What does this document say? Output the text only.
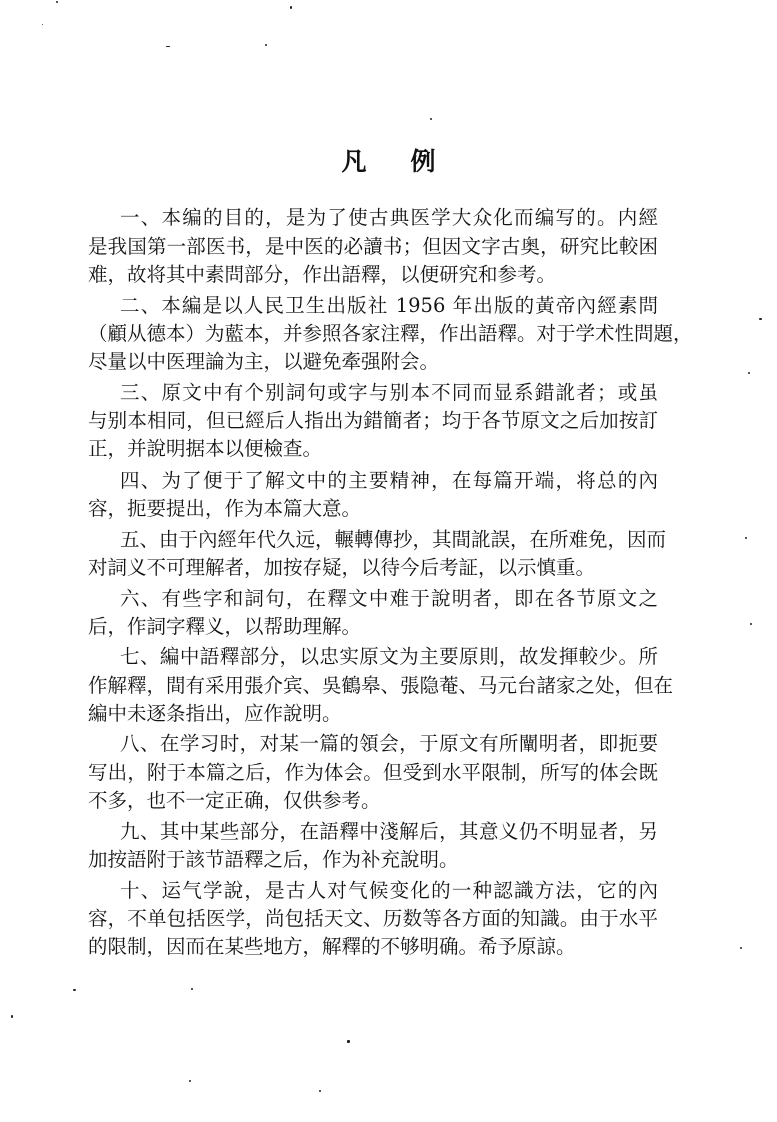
凡 例
一、本编的目的，是为了使古典医学大众化而编写的。内經
是我国第一部医书，是中医的必讀书；但因文字古奥，研究比較困
难，故将其中素問部分，作出語釋，以便研究和参考。
二、本編是以人民卫生出版社 1956 年出版的黃帝內經素問
（顧从德本）为藍本，并参照各家注釋，作出語釋。对于学术性問題，
尽量以中医理論为主，以避免牽强附会。
三、原文中有个别詞句或字与别本不同而显系錯訛者；或虽
与别本相同，但已經后人指出为錯簡者；均于各节原文之后加按訂
正，并說明据本以便檢查。
四、为了便于了解文中的主要精神，在每篇开端，将总的內
容，扼要提出，作为本篇大意。
五、由于內經年代久远，輾轉傳抄，其間訛誤，在所难免，因而
对詞义不可理解者，加按存疑，以待今后考証，以示慎重。
六、有些字和詞句，在釋文中难于說明者，即在各节原文之
后，作詞字釋义，以帮助理解。
七、編中語釋部分，以忠实原文为主要原則，故发揮較少。所
作解釋，間有采用張介宾、吳鶴皋、張隐菴、马元台諸家之处，但在
編中未逐条指出，应作說明。
八、在学习时，对某一篇的領会，于原文有所闡明者，即扼要
写出，附于本篇之后，作为体会。但受到水平限制，所写的体会既
不多，也不一定正确，仅供参考。
九、其中某些部分，在語釋中淺解后，其意义仍不明显者，另
加按語附于該节語釋之后，作为补充說明。
十、运气学說，是古人对气候变化的一种認識方法，它的內
容，不单包括医学，尚包括天文、历数等各方面的知識。由于水平
的限制，因而在某些地方，解釋的不够明确。希予原諒。
